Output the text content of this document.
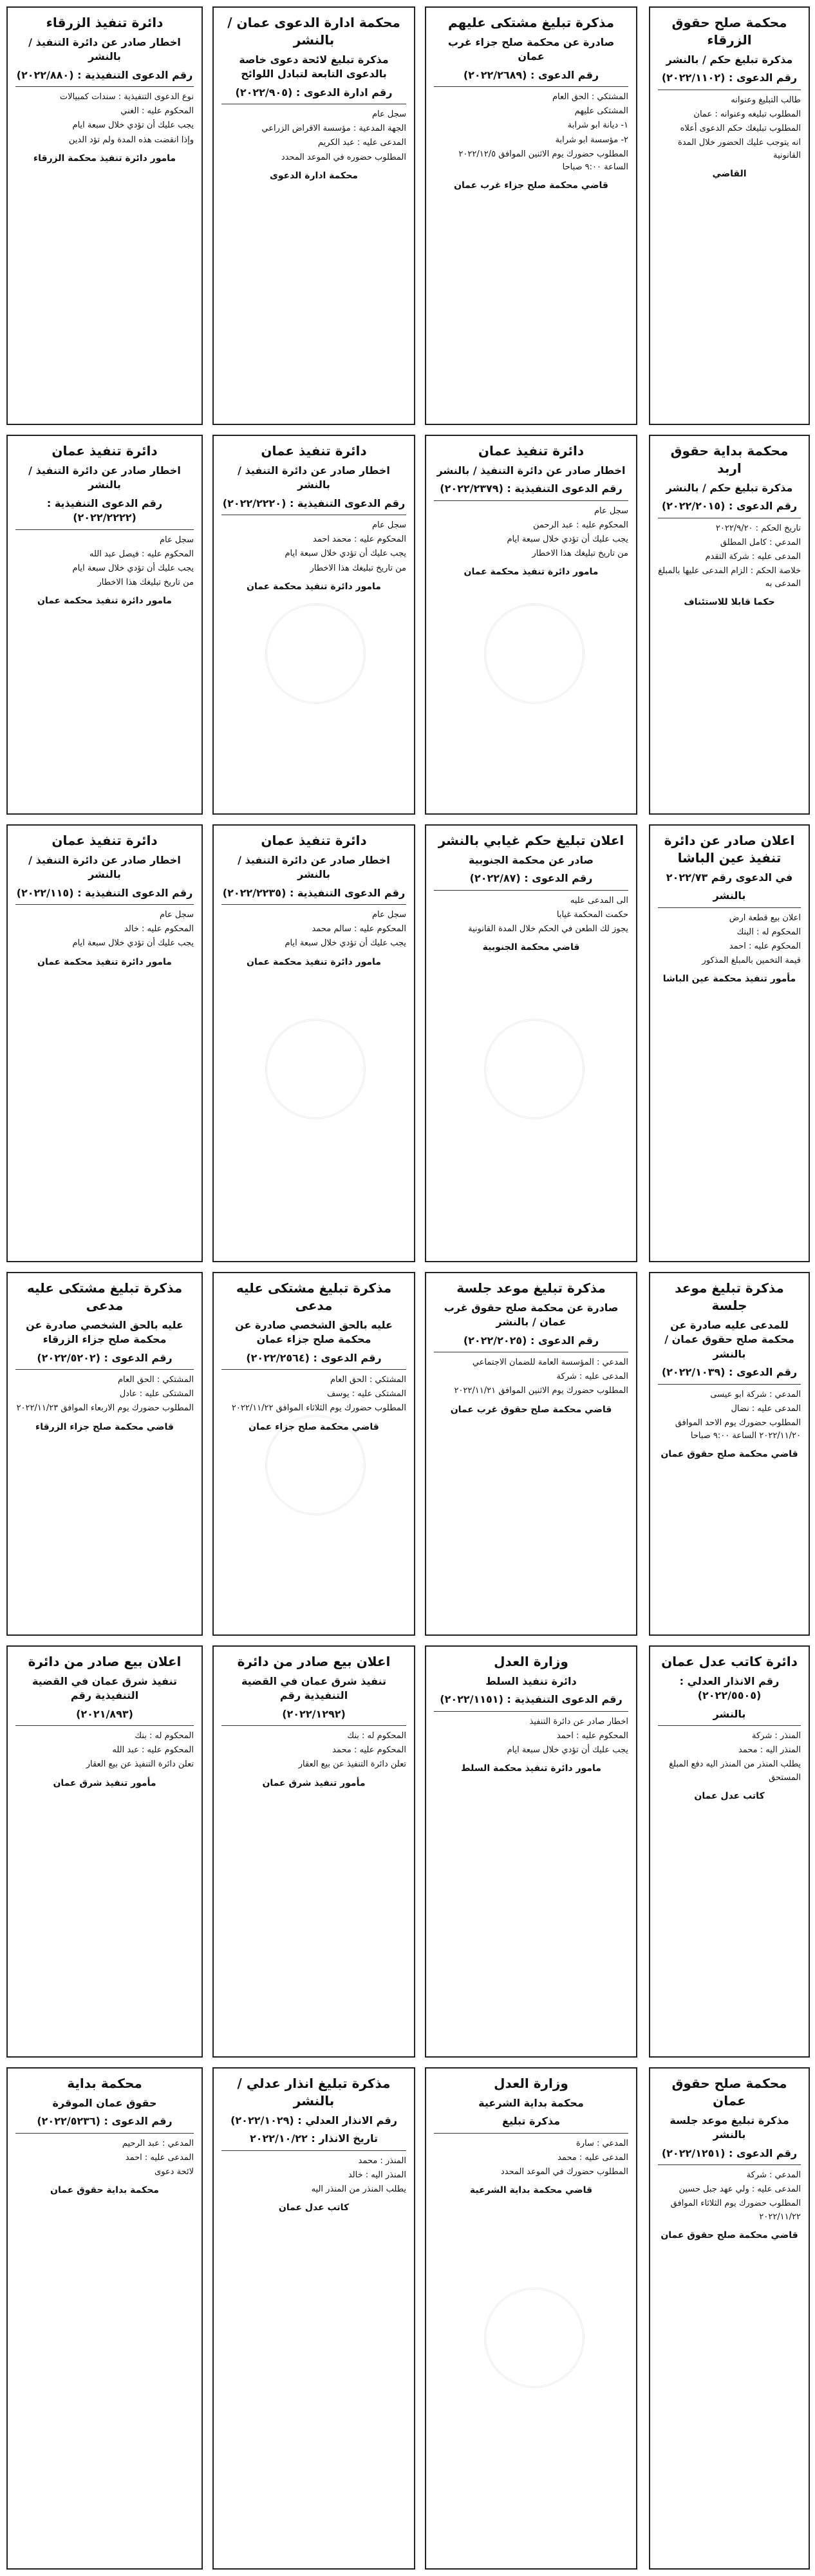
محكمة صلح حقوق الزرقاء
مذكرة تبليغ حكم / بالنشر
رقم الدعوى : (٢٠٢٢/١١٠٢)
طالب التبليغ وعنوانه
المطلوب تبليغه وعنوانه : عمان
المطلوب تبليغك حكم الدعوى أعلاه
انه يتوجب عليك الحضور خلال المدة القانونية
القاضي
مذكرة تبليغ مشتكى عليهم
صادرة عن محكمة صلح جزاء غرب عمان
رقم الدعوى : (٢٠٢٢/٢٦٨٩)
المشتكي : الحق العام
المشتكى عليهم
١- ديانة ابو شرابة
٢- مؤسسة ابو شرابة
المطلوب حضورك يوم الاثنين الموافق ٢٠٢٢/١٢/٥ الساعة ٩:٠٠ صباحا
قاضي محكمة صلح جزاء غرب عمان
محكمة ادارة الدعوى عمان / بالنشر
مذكرة تبليغ لائحة دعوى خاصة بالدعوى التابعة لتبادل اللوائح
رقم ادارة الدعوى : (٢٠٢٢/٩٠٥)
سجل عام
الجهة المدعية : مؤسسة الاقراض الزراعي
المدعى عليه : عبد الكريم
المطلوب حضوره في الموعد المحدد
محكمة ادارة الدعوى
دائرة تنفيذ الزرقاء
اخطار صادر عن دائرة التنفيذ / بالنشر
رقم الدعوى التنفيذية : (٢٠٢٢/٨٨٠)
نوع الدعوى التنفيذية : سندات كمبيالات
المحكوم عليه : الغني
يجب عليك أن تؤدي خلال سبعة ايام
وإذا انقضت هذه المدة ولم تؤد الدين
مامور دائرة تنفيذ محكمة الزرقاء
محكمة بداية حقوق اربد
مذكرة تبليغ حكم / بالنشر
رقم الدعوى : (٢٠٢٢/٢٠١٥)
تاريخ الحكم : ٢٠٢٢/٩/٢٠
المدعي : كامل المطلق
المدعى عليه : شركة التقدم
خلاصة الحكم : الزام المدعى عليها بالمبلغ المدعى به
حكما قابلا للاستئناف
دائرة تنفيذ عمان
اخطار صادر عن دائرة التنفيذ / بالنشر
رقم الدعوى التنفيذية : (٢٠٢٢/٢٣٧٩)
سجل عام
المحكوم عليه : عبد الرحمن
يجب عليك أن تؤدي خلال سبعة ايام
من تاريخ تبليغك هذا الاخطار
مامور دائرة تنفيذ محكمة عمان
دائرة تنفيذ عمان
اخطار صادر عن دائرة التنفيذ / بالنشر
رقم الدعوى التنفيذية : (٢٠٢٢/٢٢٢٠)
سجل عام
المحكوم عليه : محمد احمد
يجب عليك أن تؤدي خلال سبعة ايام
من تاريخ تبليغك هذا الاخطار
مامور دائرة تنفيذ محكمة عمان
دائرة تنفيذ عمان
اخطار صادر عن دائرة التنفيذ / بالنشر
رقم الدعوى التنفيذية : (٢٠٢٢/٢٢٢٢)
سجل عام
المحكوم عليه : فيصل عبد الله
يجب عليك أن تؤدي خلال سبعة ايام
من تاريخ تبليغك هذا الاخطار
مامور دائرة تنفيذ محكمة عمان
اعلان صادر عن دائرة تنفيذ عين الباشا
في الدعوى رقم ٢٠٢٢/٧٣
بالنشر
اعلان بيع قطعة ارض
المحكوم له : البنك
المحكوم عليه : احمد
قيمة التخمين بالمبلغ المذكور
مأمور تنفيذ محكمة عين الباشا
اعلان تبليغ حكم غيابي بالنشر
صادر عن محكمة الجنوبية
رقم الدعوى : (٢٠٢٢/٨٧)
الى المدعى عليه
حكمت المحكمة غيابا
يجوز لك الطعن في الحكم خلال المدة القانونية
قاضي محكمة الجنوبية
دائرة تنفيذ عمان
اخطار صادر عن دائرة التنفيذ / بالنشر
رقم الدعوى التنفيذية : (٢٠٢٢/٢٢٣٥)
سجل عام
المحكوم عليه : سالم محمد
يجب عليك أن تؤدي خلال سبعة ايام
مامور دائرة تنفيذ محكمة عمان
دائرة تنفيذ عمان
اخطار صادر عن دائرة التنفيذ / بالنشر
رقم الدعوى التنفيذية : (٢٠٢٢/١١٥)
سجل عام
المحكوم عليه : خالد
يجب عليك أن تؤدي خلال سبعة ايام
مامور دائرة تنفيذ محكمة عمان
مذكرة تبليغ موعد جلسة
للمدعى عليه صادرة عن محكمة صلح حقوق عمان / بالنشر
رقم الدعوى : (٢٠٢٢/١٠٣٩)
المدعي : شركة ابو عيسى
المدعى عليه : نضال
المطلوب حضورك يوم الاحد الموافق ٢٠٢٢/١١/٢٠ الساعة ٩:٠٠ صباحا
قاضي محكمة صلح حقوق عمان
مذكرة تبليغ موعد جلسة
صادرة عن محكمة صلح حقوق غرب عمان / بالنشر
رقم الدعوى : (٢٠٢٢/٢٠٢٥)
المدعي : المؤسسة العامة للضمان الاجتماعي
المدعى عليه : شركة
المطلوب حضورك يوم الاثنين الموافق ٢٠٢٢/١١/٢١
قاضي محكمة صلح حقوق غرب عمان
مذكرة تبليغ مشتكى عليه مدعى
عليه بالحق الشخصي صادرة عن محكمة صلح جزاء عمان
رقم الدعوى : (٢٠٢٢/٢٥٦٤)
المشتكي : الحق العام
المشتكى عليه : يوسف
المطلوب حضورك يوم الثلاثاء الموافق ٢٠٢٢/١١/٢٢
قاضي محكمة صلح جزاء عمان
مذكرة تبليغ مشتكى عليه مدعى
عليه بالحق الشخصي صادرة عن محكمة صلح جزاء الزرقاء
رقم الدعوى : (٢٠٢٢/٥٢٠٢)
المشتكي : الحق العام
المشتكى عليه : عادل
المطلوب حضورك يوم الاربعاء الموافق ٢٠٢٢/١١/٢٣
قاضي محكمة صلح جزاء الزرقاء
دائرة كاتب عدل عمان
رقم الانذار العدلي : (٢٠٢٢/٥٥٠٥)
بالنشر
المنذر : شركة
المنذر اليه : محمد
يطلب المنذر من المنذر اليه دفع المبلغ المستحق
كاتب عدل عمان
وزارة العدل
دائرة تنفيذ السلط
رقم الدعوى التنفيذية : (٢٠٢٢/١١٥١)
اخطار صادر عن دائرة التنفيذ
المحكوم عليه : احمد
يجب عليك أن تؤدي خلال سبعة ايام
مامور دائرة تنفيذ محكمة السلط
اعلان بيع صادر من دائرة
تنفيذ شرق عمان في القضية التنفيذية رقم
(٢٠٢٢/١٢٩٢)
المحكوم له : بنك
المحكوم عليه : محمد
تعلن دائرة التنفيذ عن بيع العقار
مأمور تنفيذ شرق عمان
اعلان بيع صادر من دائرة
تنفيذ شرق عمان في القضية التنفيذية رقم
(٢٠٢١/٨٩٣)
المحكوم له : بنك
المحكوم عليه : عبد الله
تعلن دائرة التنفيذ عن بيع العقار
مأمور تنفيذ شرق عمان
محكمة صلح حقوق عمان
مذكرة تبليغ موعد جلسة بالنشر
رقم الدعوى : (٢٠٢٢/١٢٥١)
المدعي : شركة
المدعى عليه : ولي عهد جبل حسين
المطلوب حضورك يوم الثلاثاء الموافق ٢٠٢٢/١١/٢٢
قاضي محكمة صلح حقوق عمان
وزارة العدل
محكمة بداية الشرعية
مذكرة تبليغ
المدعي : سارة
المدعى عليه : محمد
المطلوب حضورك في الموعد المحدد
قاضي محكمة بداية الشرعية
مذكرة تبليغ انذار عدلي / بالنشر
رقم الانذار العدلي : (٢٠٢٢/١٠٢٩)
تاريخ الانذار : ٢٠٢٢/١٠/٢٢
المنذر : محمد
المنذر اليه : خالد
يطلب المنذر من المنذر اليه
كاتب عدل عمان
محكمة بداية
حقوق عمان الموقرة
رقم الدعوى : (٢٠٢٢/٥٢٣٦)
المدعي : عبد الرحيم
المدعى عليه : احمد
لائحة دعوى
محكمة بداية حقوق عمان
